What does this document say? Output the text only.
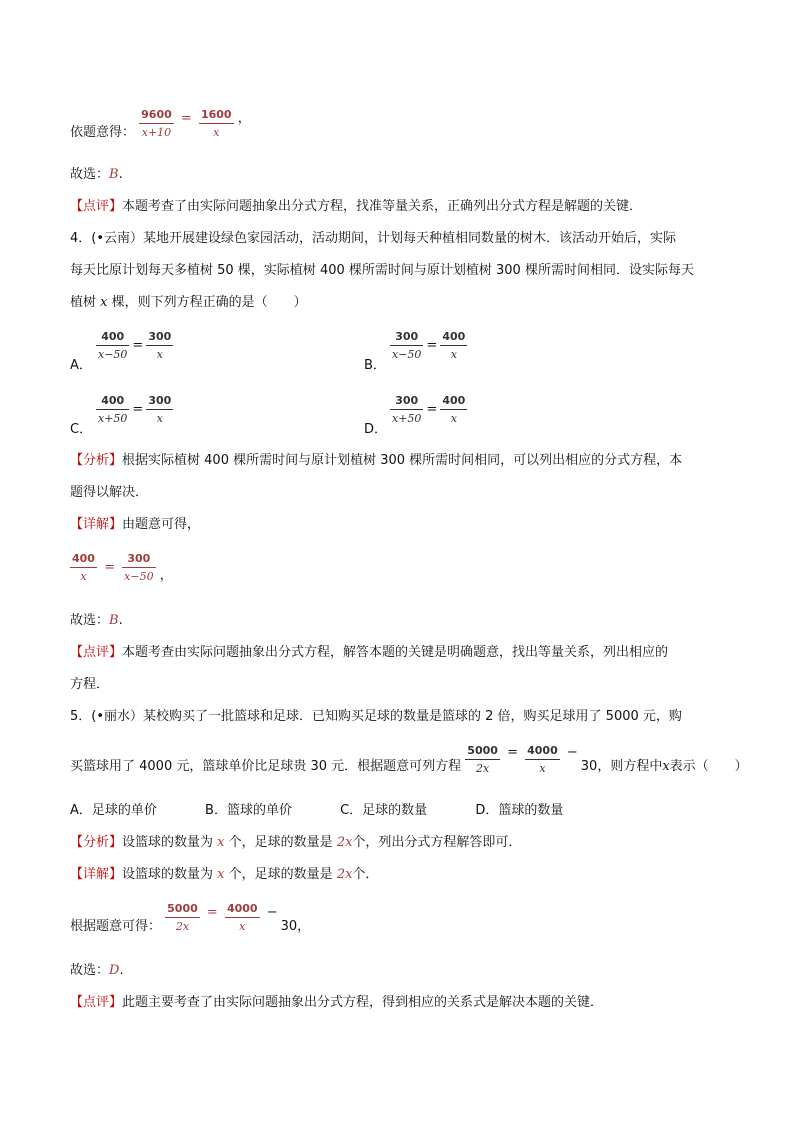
依题意得： $\frac{9600}{x+10} = \frac{1600}{x}$ ，
故选：B.
【点评】本题考查了由实际问题抽象出分式方程，找准等量关系，正确列出分式方程是解题的关键．
4．(•云南）某地开展建设绿色家园活动，活动期间，计划每天种植相同数量的树木．该活动开始后，实际
每天比原计划每天多植树 50 棵，实际植树 400 棵所需时间与原计划植树 300 棵所需时间相同．设实际每天
植树 x 棵，则下列方程正确的是（　　）
A．
$\frac{400}{x-50} = \frac{300}{x}$
B．
$\frac{300}{x-50} = \frac{400}{x}$
C．
$\frac{400}{x+50} = \frac{300}{x}$
D．
$\frac{300}{x+50} = \frac{400}{x}$
【分析】根据实际植树 400 棵所需时间与原计划植树 300 棵所需时间相同，可以列出相应的分式方程，本
题得以解决．
【详解】由题意可得，
$\frac{400}{x} = \frac{300}{x-50}$ ，
故选：B.
【点评】本题考查由实际问题抽象出分式方程，解答本题的关键是明确题意，找出等量关系，列出相应的
方程．
5．(•丽水）某校购买了一批篮球和足球．已知购买足球的数量是篮球的 2 倍，购买足球用了 5000 元，购
买篮球用了 4000 元，篮球单价比足球贵 30 元．根据题意可列方程 $\frac{5000}{2x} = \frac{4000}{x} -30$，则方程中x表示（　　）
A．足球的单价	B．篮球的单价	C．足球的数量	D．篮球的数量
【分析】设篮球的数量为 x 个，足球的数量是 2x个，列出分式方程解答即可．
【详解】设篮球的数量为 x 个，足球的数量是 2x个．
根据题意可得： $\frac{5000}{2x} = \frac{4000}{x} -30$，
故选：D.
【点评】此题主要考查了由实际问题抽象出分式方程，得到相应的关系式是解决本题的关键．
